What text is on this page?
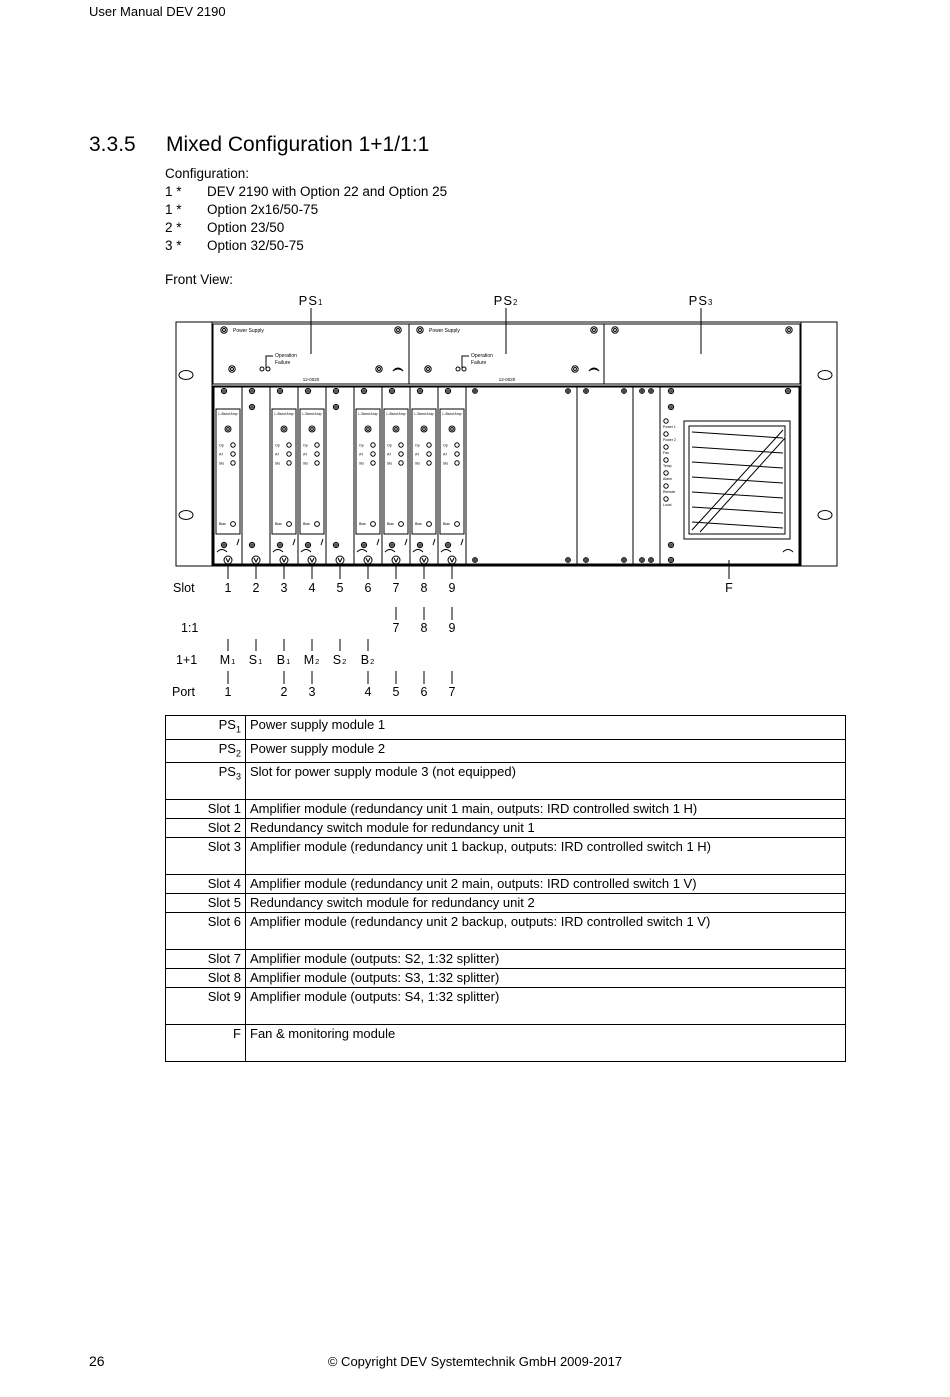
User Manual DEV 2190
3.3.5 Mixed Configuration 1+1/1:1
Configuration:
1 * DEV 2190 with Option 22 and Option 25
1 * Option 2x16/50-75
2 * Option 23/50
3 * Option 32/50-75
Front View:
PS1	PS2	PS3
Power Supply
Operation
Failure
12-0020
Power Supply
Operation
Failure
12-0020
L-Band Amp
Op
AT
Sto
Bias
L-Band Amp
Op
AT
Sto
Bias
L-Band Amp
Op
AT
Sto
Bias
L-Band Amp
Op
AT
Sto
Bias
L-Band Amp
Op
AT
Sto
Bias
L-Band Amp
Op
AT
Sto
Bias
L-Band Amp
Op
AT
Sto
Bias
Power 1
Power 2
Fan
Temp
Alarm
Remote
Local
Slot 1 2 3 4 5 6 7 8 9	F
1:1	7 8 9
1+1 M1 S1 B1 M2 S2 B2
Port 1	2 3	4 5 6 7
$PS_1$	Power supply module 1
$PS_2$	Power supply module 2
$PS_3$	Slot for power supply module 3 (not equipped)
Slot 1	Amplifier module (redundancy unit 1 main, outputs: IRD controlled switch 1 H)
Slot 2	Redundancy switch module for redundancy unit 1
Slot 3	Amplifier module (redundancy unit 1 backup, outputs: IRD controlled switch 1 H)
Slot 4	Amplifier module (redundancy unit 2 main, outputs: IRD controlled switch 1 V)
Slot 5	Redundancy switch module for redundancy unit 2
Slot 6	Amplifier module (redundancy unit 2 backup, outputs: IRD controlled switch 1 V)
Slot 7	Amplifier module (outputs: S2, 1:32 splitter)
Slot 8	Amplifier module (outputs: S3, 1:32 splitter)
Slot 9	Amplifier module (outputs: S4, 1:32 splitter)
F	Fan & monitoring module
26	© Copyright DEV Systemtechnik GmbH 2009-2017
